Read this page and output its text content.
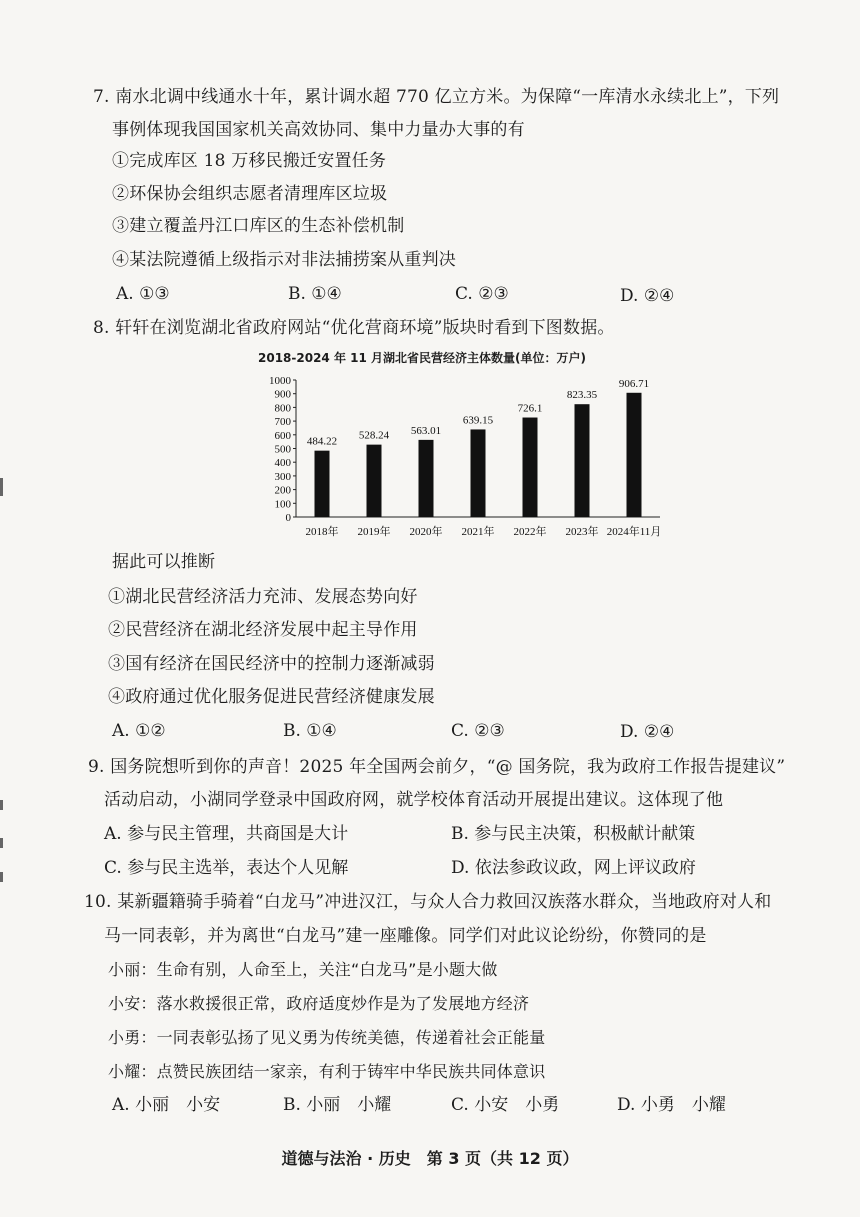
7. 南水北调中线通水十年，累计调水超 770 亿立方米。为保障“一库清水永续北上”，下列
事例体现我国国家机关高效协同、集中力量办大事的有
①完成库区 18 万移民搬迁安置任务
②环保协会组织志愿者清理库区垃圾
③建立覆盖丹江口库区的生态补偿机制
④某法院遵循上级指示对非法捕捞案从重判决
A. ①③	B. ①④	C. ②③	D. ②④
8. 轩轩在浏览湖北省政府网站“优化营商环境”版块时看到下图数据。
2018-2024 年 11 月湖北省民营经济主体数量(单位：万户)
0
100
200
300
400
500
600
700
800
900
1000
484.22
2018年
528.24
2019年
563.01
2020年
639.15
2021年
726.1
2022年
823.35
2023年
906.71
2024年11月
据此可以推断
①湖北民营经济活力充沛、发展态势向好
②民营经济在湖北经济发展中起主导作用
③国有经济在国民经济中的控制力逐渐减弱
④政府通过优化服务促进民营经济健康发展
A. ①②	B. ①④	C. ②③	D. ②④
9. 国务院想听到你的声音！2025 年全国两会前夕，“@ 国务院，我为政府工作报告提建议”
活动启动，小湖同学登录中国政府网，就学校体育活动开展提出建议。这体现了他
A. 参与民主管理，共商国是大计	B. 参与民主决策，积极献计献策
C. 参与民主选举，表达个人见解	D. 依法参政议政，网上评议政府
10. 某新疆籍骑手骑着“白龙马”冲进汉江，与众人合力救回汉族落水群众，当地政府对人和
马一同表彰，并为离世“白龙马”建一座雕像。同学们对此议论纷纷，你赞同的是
小丽：生命有别，人命至上，关注“白龙马”是小题大做
小安：落水救援很正常，政府适度炒作是为了发展地方经济
小勇：一同表彰弘扬了见义勇为传统美德，传递着社会正能量
小耀：点赞民族团结一家亲，有利于铸牢中华民族共同体意识
A. 小丽　小安	B. 小丽　小耀	C. 小安　小勇	D. 小勇　小耀
道德与法治 · 历史　第 3 页（共 12 页）
